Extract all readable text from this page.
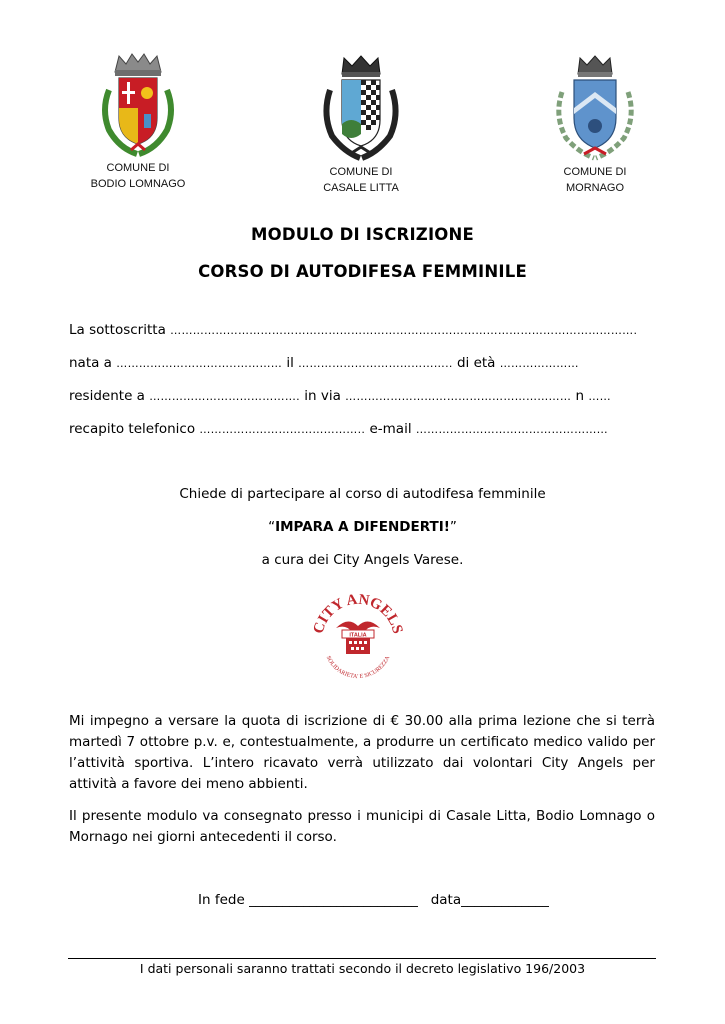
COMUNE DI
BODIO LOMNAGO
COMUNE DI
CASALE LITTA
COMUNE DI
MORNAGO
MODULO DI ISCRIZIONE
CORSO DI AUTODIFESA FEMMINILE
La sottoscritta …………………………………………………………………………………………………………….
nata a …………………………..………… il ………………………………….. di età …………………
residente a …………………………………. in via …………………………………………………… n ……
recapito telefonico …………………………………….. e-mail ……………………………………………
Chiede di partecipare al corso di autodifesa femminile
“IMPARA A DIFENDERTI!”
a cura dei City Angels Varese.
CITY ANGELS
SOLIDARIETA' E SICUREZZA
ITALIA
Mi impegno a versare la quota di iscrizione di € 30.00 alla prima lezione che si terrà martedì 7 ottobre p.v. e, contestualmente, a produrre un certificato medico valido per l’attività sportiva. L’intero ricavato verrà utilizzato dai volontari City Angels per attività a favore dei meno abbienti.
Il presente modulo va consegnato presso i municipi di Casale Litta, Bodio Lomnago o Mornago nei giorni antecedenti il corso.
In fede _________________________ data_____________
I dati personali saranno trattati secondo il decreto legislativo 196/2003
